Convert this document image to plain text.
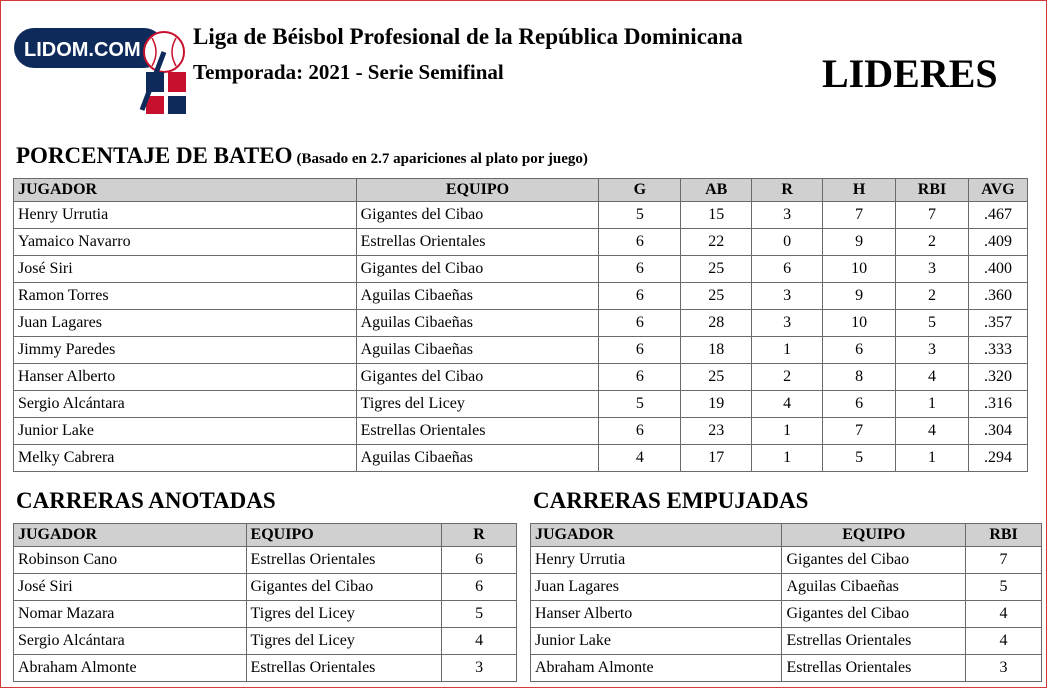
LIDOM.COM
Liga de Béisbol Profesional de la República Dominicana
Temporada: 2021 - Serie Semifinal	LIDERES
PORCENTAJE DE BATEO (Basado en 2.7 apariciones al plato por juego)
JUGADOR	EQUIPO	G	AB	R	H	RBI	AVG
Henry Urrutia	Gigantes del Cibao	5	15	3	7	7	.467
Yamaico Navarro	Estrellas Orientales	6	22	0	9	2	.409
José Siri	Gigantes del Cibao	6	25	6	10	3	.400
Ramon Torres	Aguilas Cibaeñas	6	25	3	9	2	.360
Juan Lagares	Aguilas Cibaeñas	6	28	3	10	5	.357
Jimmy Paredes	Aguilas Cibaeñas	6	18	1	6	3	.333
Hanser Alberto	Gigantes del Cibao	6	25	2	8	4	.320
Sergio Alcántara	Tigres del Licey	5	19	4	6	1	.316
Junior Lake	Estrellas Orientales	6	23	1	7	4	.304
Melky Cabrera	Aguilas Cibaeñas	4	17	1	5	1	.294
CARRERAS ANOTADAS
JUGADOR	EQUIPO	R
Robinson Cano	Estrellas Orientales	6
José Siri	Gigantes del Cibao	6
Nomar Mazara	Tigres del Licey	5
Sergio Alcántara	Tigres del Licey	4
Abraham Almonte	Estrellas Orientales	3
CARRERAS EMPUJADAS
JUGADOR	EQUIPO	RBI
Henry Urrutia	Gigantes del Cibao	7
Juan Lagares	Aguilas Cibaeñas	5
Hanser Alberto	Gigantes del Cibao	4
Junior Lake	Estrellas Orientales	4
Abraham Almonte	Estrellas Orientales	3
